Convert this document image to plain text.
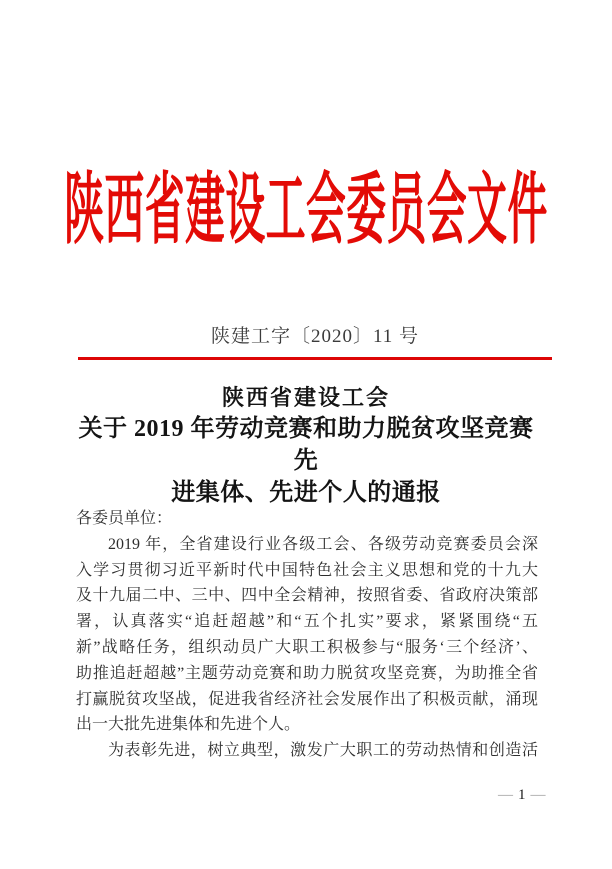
陕西省建设工会委员会文件
陕建工字〔2020〕11 号
陕西省建设工会
关于 2019 年劳动竞赛和助力脱贫攻坚竞赛先
进集体、先进个人的通报
各委员单位：
2019 年，全省建设行业各级工会、各级劳动竞赛委员会深
入学习贯彻习近平新时代中国特色社会主义思想和党的十九大
及十九届二中、三中、四中全会精神，按照省委、省政府决策部
署，认真落实“追赶超越”和“五个扎实”要求，紧紧围绕“五
新”战略任务，组织动员广大职工积极参与“服务‘三个经济’、
助推追赶超越”主题劳动竞赛和助力脱贫攻坚竞赛，为助推全省
打赢脱贫攻坚战，促进我省经济社会发展作出了积极贡献，涌现
出一大批先进集体和先进个人。
为表彰先进，树立典型，激发广大职工的劳动热情和创造活
— 1 —
